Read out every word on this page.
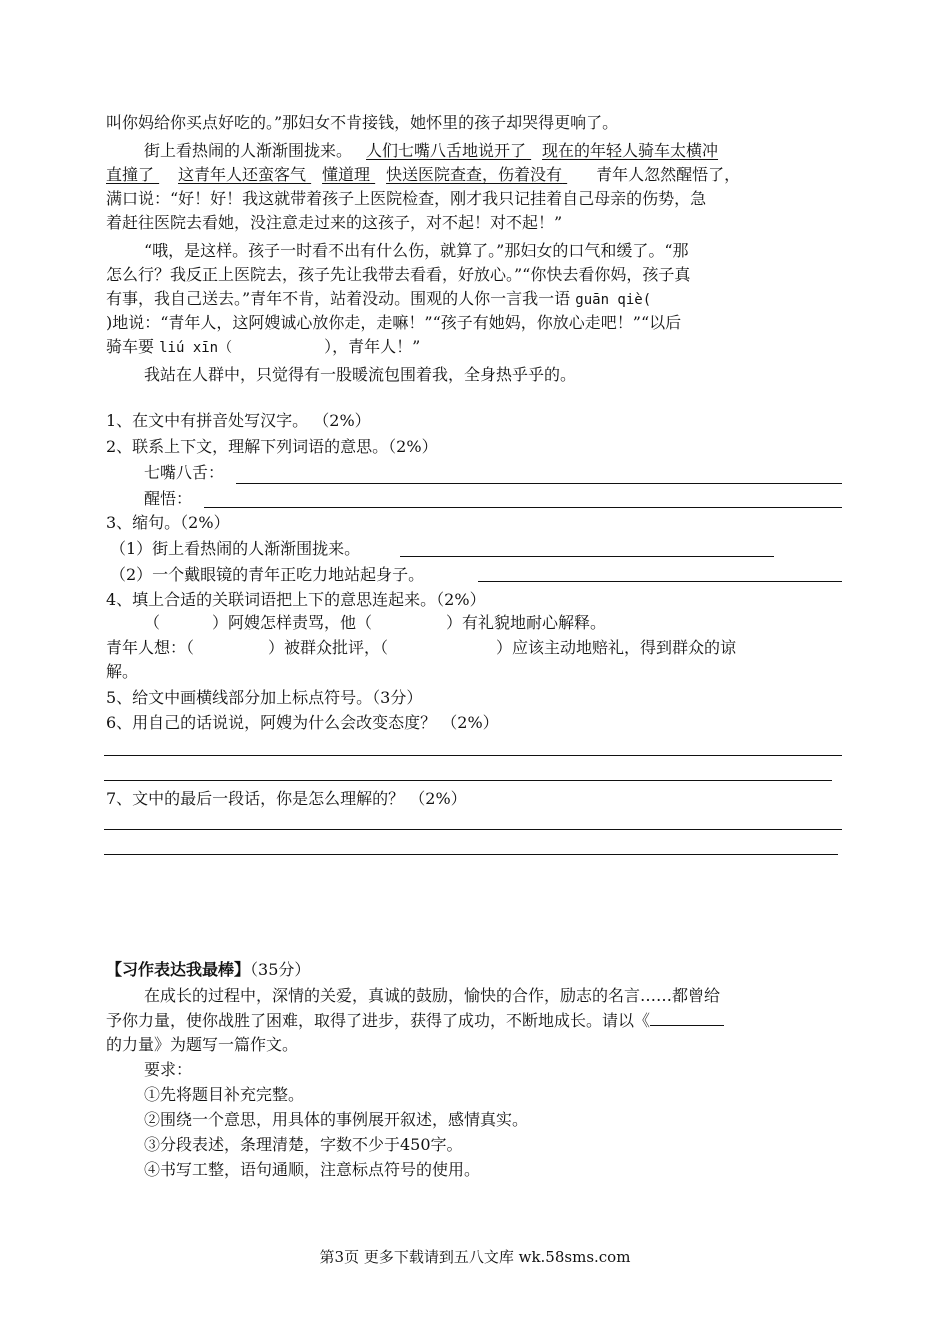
叫你妈给你买点好吃的。”那妇女不肯接钱，她怀里的孩子却哭得更响了。
街上看热闹的人渐渐围拢来。 人们七嘴八舌地说开了 现在的年轻人骑车太横冲
直撞了 这青年人还蛮客气 懂道理 快送医院查查，伤着没有 青年人忽然醒悟了，
满口说：“好！好！我这就带着孩子上医院检查，刚才我只记挂着自己母亲的伤势，急
着赶往医院去看她，没注意走过来的这孩子，对不起！对不起！”
“哦，是这样。孩子一时看不出有什么伤，就算了。”那妇女的口气和缓了。“那
怎么行？我反正上医院去，孩子先让我带去看看，好放心。”“你快去看你妈，孩子真
有事，我自己送去。”青年不肯，站着没动。围观的人你一言我一语 guān qiè(
)地说：“青年人，这阿嫂诚心放你走，走嘛！”“孩子有她妈，你放心走吧！”“以后
骑车要 liú xīn（	），青年人！”
我站在人群中，只觉得有一股暖流包围着我，全身热乎乎的。
1、在文中有拼音处写汉字。 （2%）
2、联系上下文，理解下列词语的意思。（2%）
七嘴八舌：
醒悟：
3、缩句。（2%）
（1）街上看热闹的人渐渐围拢来。
（2）一个戴眼镜的青年正吃力地站起身子。
4、填上合适的关联词语把上下的意思连起来。（2%）
（	）阿嫂怎样责骂，他（	）有礼貌地耐心解释。
青年人想：（	）被群众批评，（	）应该主动地赔礼，得到群众的谅
解。
5、给文中画横线部分加上标点符号。（3分）
6、用自己的话说说，阿嫂为什么会改变态度？ （2%）
7、文中的最后一段话，你是怎么理解的？ （2%）
【习作表达我最棒】（35分）
在成长的过程中，深情的关爱，真诚的鼓励，愉快的合作，励志的名言……都曾给
予你力量，使你战胜了困难，取得了进步，获得了成功，不断地成长。请以《
的力量》为题写一篇作文。
要求：
①先将题目补充完整。
②围绕一个意思，用具体的事例展开叙述，感情真实。
③分段表述，条理清楚，字数不少于450字。
④书写工整，语句通顺，注意标点符号的使用。
第3页 更多下载请到五八文库 wk.58sms.com
